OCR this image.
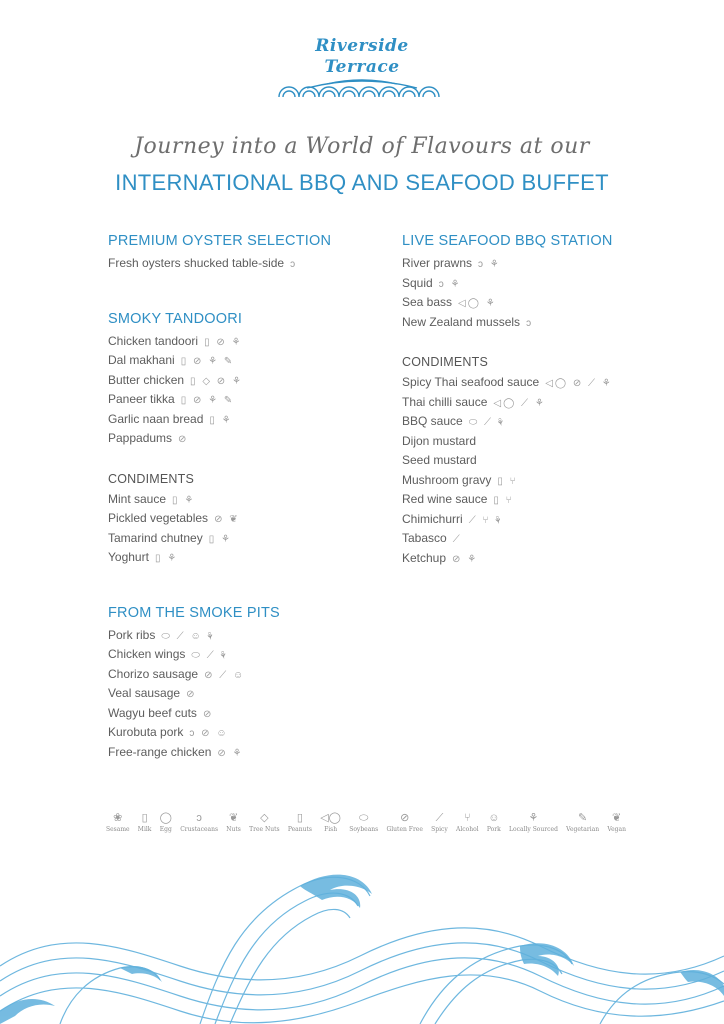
Riverside
Terrace
Journey into a World of Flavours at our
INTERNATIONAL BBQ AND SEAFOOD BUFFET
PREMIUM OYSTER SELECTION
Fresh oysters shucked table-side ↄ
SMOKY TANDOORI
Chicken tandoori ▯ ⊘ ⚘
Dal makhani ▯ ⊘ ⚘ ✎
Butter chicken ▯ ◇ ⊘ ⚘
Paneer tikka ▯ ⊘ ⚘ ✎
Garlic naan bread ▯ ⚘
Pappadums ⊘
CONDIMENTS
Mint sauce ▯ ⚘
Pickled vegetables ⊘ ❦
Tamarind chutney ▯ ⚘
Yoghurt ▯ ⚘
FROM THE SMOKE PITS
Pork ribs ⬭ ⟋ ☺ ⚘
Chicken wings ⬭ ⟋ ⚘
Chorizo sausage ⊘ ⟋ ☺
Veal sausage ⊘
Wagyu beef cuts ⊘
Kurobuta pork ↄ ⊘ ☺
Free-range chicken ⊘ ⚘
LIVE SEAFOOD BBQ STATION
River prawns ↄ ⚘
Squid ↄ ⚘
Sea bass ◁◯ ⚘
New Zealand mussels ↄ
CONDIMENTS
Spicy Thai seafood sauce ◁◯ ⊘ ⟋ ⚘
Thai chilli sauce ◁◯ ⟋ ⚘
BBQ sauce ⬭ ⟋ ⚘
Dijon mustard
Seed mustard
Mushroom gravy ▯ ⑂
Red wine sauce ▯ ⑂
Chimichurri ⟋ ⑂ ⚘
Tabasco ⟋
Ketchup ⊘ ⚘
❀
Sesame
▯
Milk
◯
Egg
ↄ
Crustaceans
❦
Nuts
◇
Tree Nuts
▯
Peanuts
◁◯
Fish
⬭
Soybeans
⊘
Gluten Free
⟋
Spicy
⑂
Alcohol
☺
Pork
⚘
Locally Sourced
✎
Vegetarian
❦
Vegan
